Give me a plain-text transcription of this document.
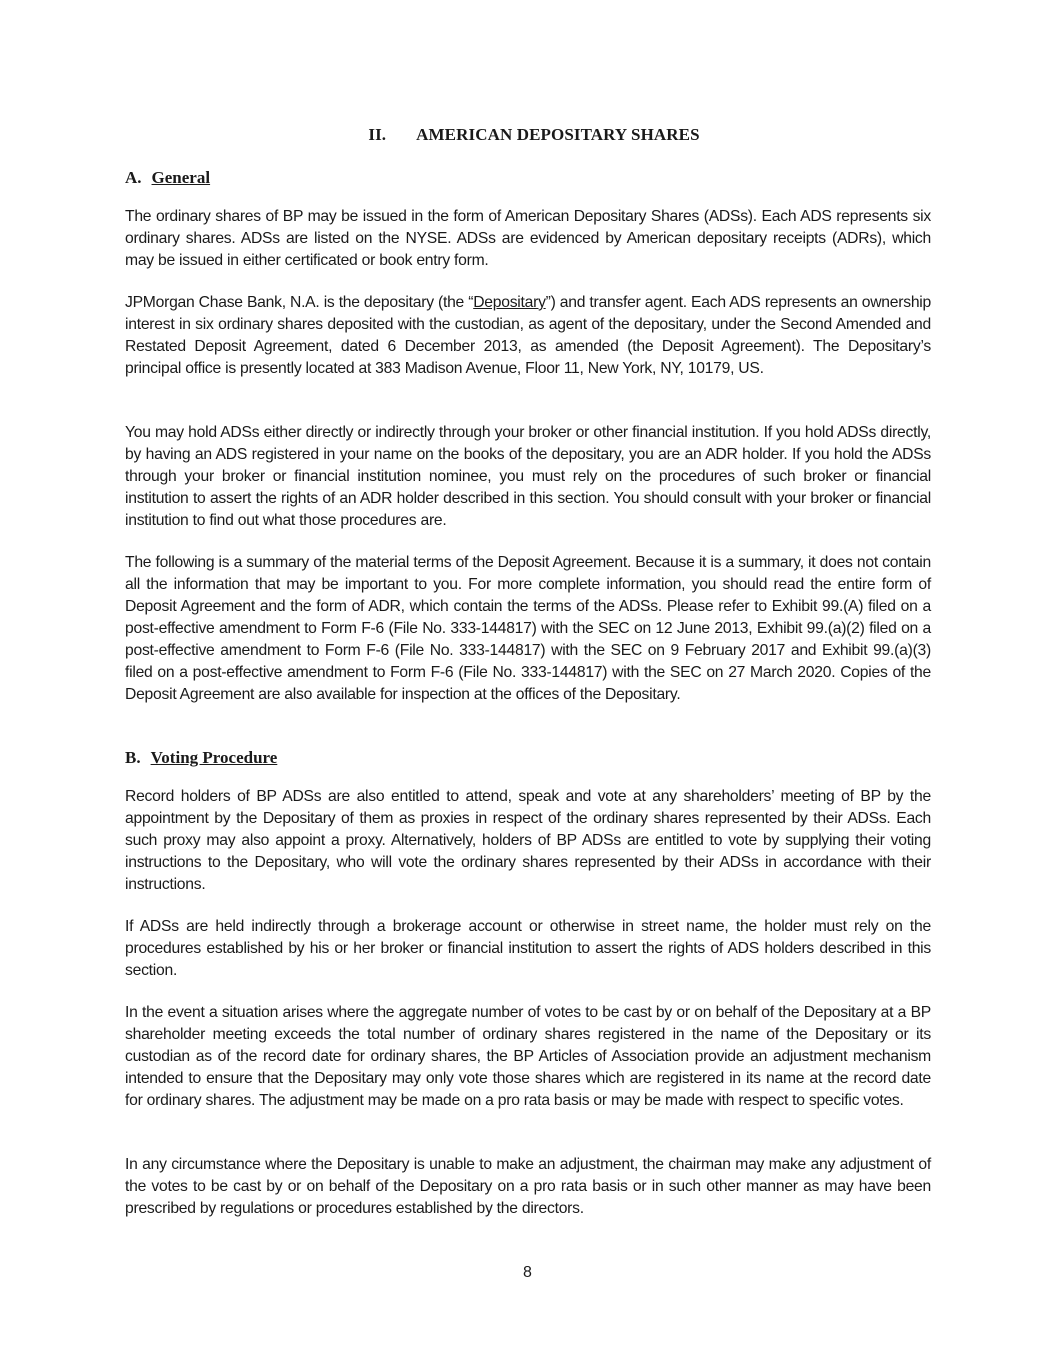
II. AMERICAN DEPOSITARY SHARES
A. General

The ordinary shares of BP may be issued in the form of American Depositary Shares (ADSs). Each ADS represents six ordinary shares. ADSs are listed on the NYSE. ADSs are evidenced by American depositary receipts (ADRs), which may be issued in either certificated or book entry form.

JPMorgan Chase Bank, N.A. is the depositary (the “Depositary”) and transfer agent. Each ADS represents an ownership interest in six ordinary shares deposited with the custodian, as agent of the depositary, under the Second Amended and Restated Deposit Agreement, dated 6 December 2013, as amended (the Deposit Agreement). The Depositary’s principal office is presently located at 383 Madison Avenue, Floor 11, New York, NY, 10179, US.

You may hold ADSs either directly or indirectly through your broker or other financial institution. If you hold ADSs directly, by having an ADS registered in your name on the books of the depositary, you are an ADR holder. If you hold the ADSs through your broker or financial institution nominee, you must rely on the procedures of such broker or financial institution to assert the rights of an ADR holder described in this section. You should consult with your broker or financial institution to find out what those procedures are.

The following is a summary of the material terms of the Deposit Agreement. Because it is a summary, it does not contain all the information that may be important to you. For more complete information, you should read the entire form of Deposit Agreement and the form of ADR, which contain the terms of the ADSs. Please refer to Exhibit 99.(A) filed on a post-effective amendment to Form F-6 (File No. 333-144817) with the SEC on 12 June 2013, Exhibit 99.(a)(2) filed on a post-effective amendment to Form F-6 (File No. 333-144817) with the SEC on 9 February 2017 and Exhibit 99.(a)(3) filed on a post-effective amendment to Form F-6 (File No. 333-144817) with the SEC on 27 March 2020. Copies of the Deposit Agreement are also available for inspection at the offices of the Depositary.

B. Voting Procedure

Record holders of BP ADSs are also entitled to attend, speak and vote at any shareholders’ meeting of BP by the appointment by the Depositary of them as proxies in respect of the ordinary shares represented by their ADSs. Each such proxy may also appoint a proxy. Alternatively, holders of BP ADSs are entitled to vote by supplying their voting instructions to the Depositary, who will vote the ordinary shares represented by their ADSs in accordance with their instructions.

If ADSs are held indirectly through a brokerage account or otherwise in street name, the holder must rely on the procedures established by his or her broker or financial institution to assert the rights of ADS holders described in this section.

In the event a situation arises where the aggregate number of votes to be cast by or on behalf of the Depositary at a BP shareholder meeting exceeds the total number of ordinary shares registered in the name of the Depositary or its custodian as of the record date for ordinary shares, the BP Articles of Association provide an adjustment mechanism intended to ensure that the Depositary may only vote those shares which are registered in its name at the record date for ordinary shares. The adjustment may be made on a pro rata basis or may be made with respect to specific votes.

In any circumstance where the Depositary is unable to make an adjustment, the chairman may make any adjustment of the votes to be cast by or on behalf of the Depositary on a pro rata basis or in such other manner as may have been prescribed by regulations or procedures established by the directors.

8
